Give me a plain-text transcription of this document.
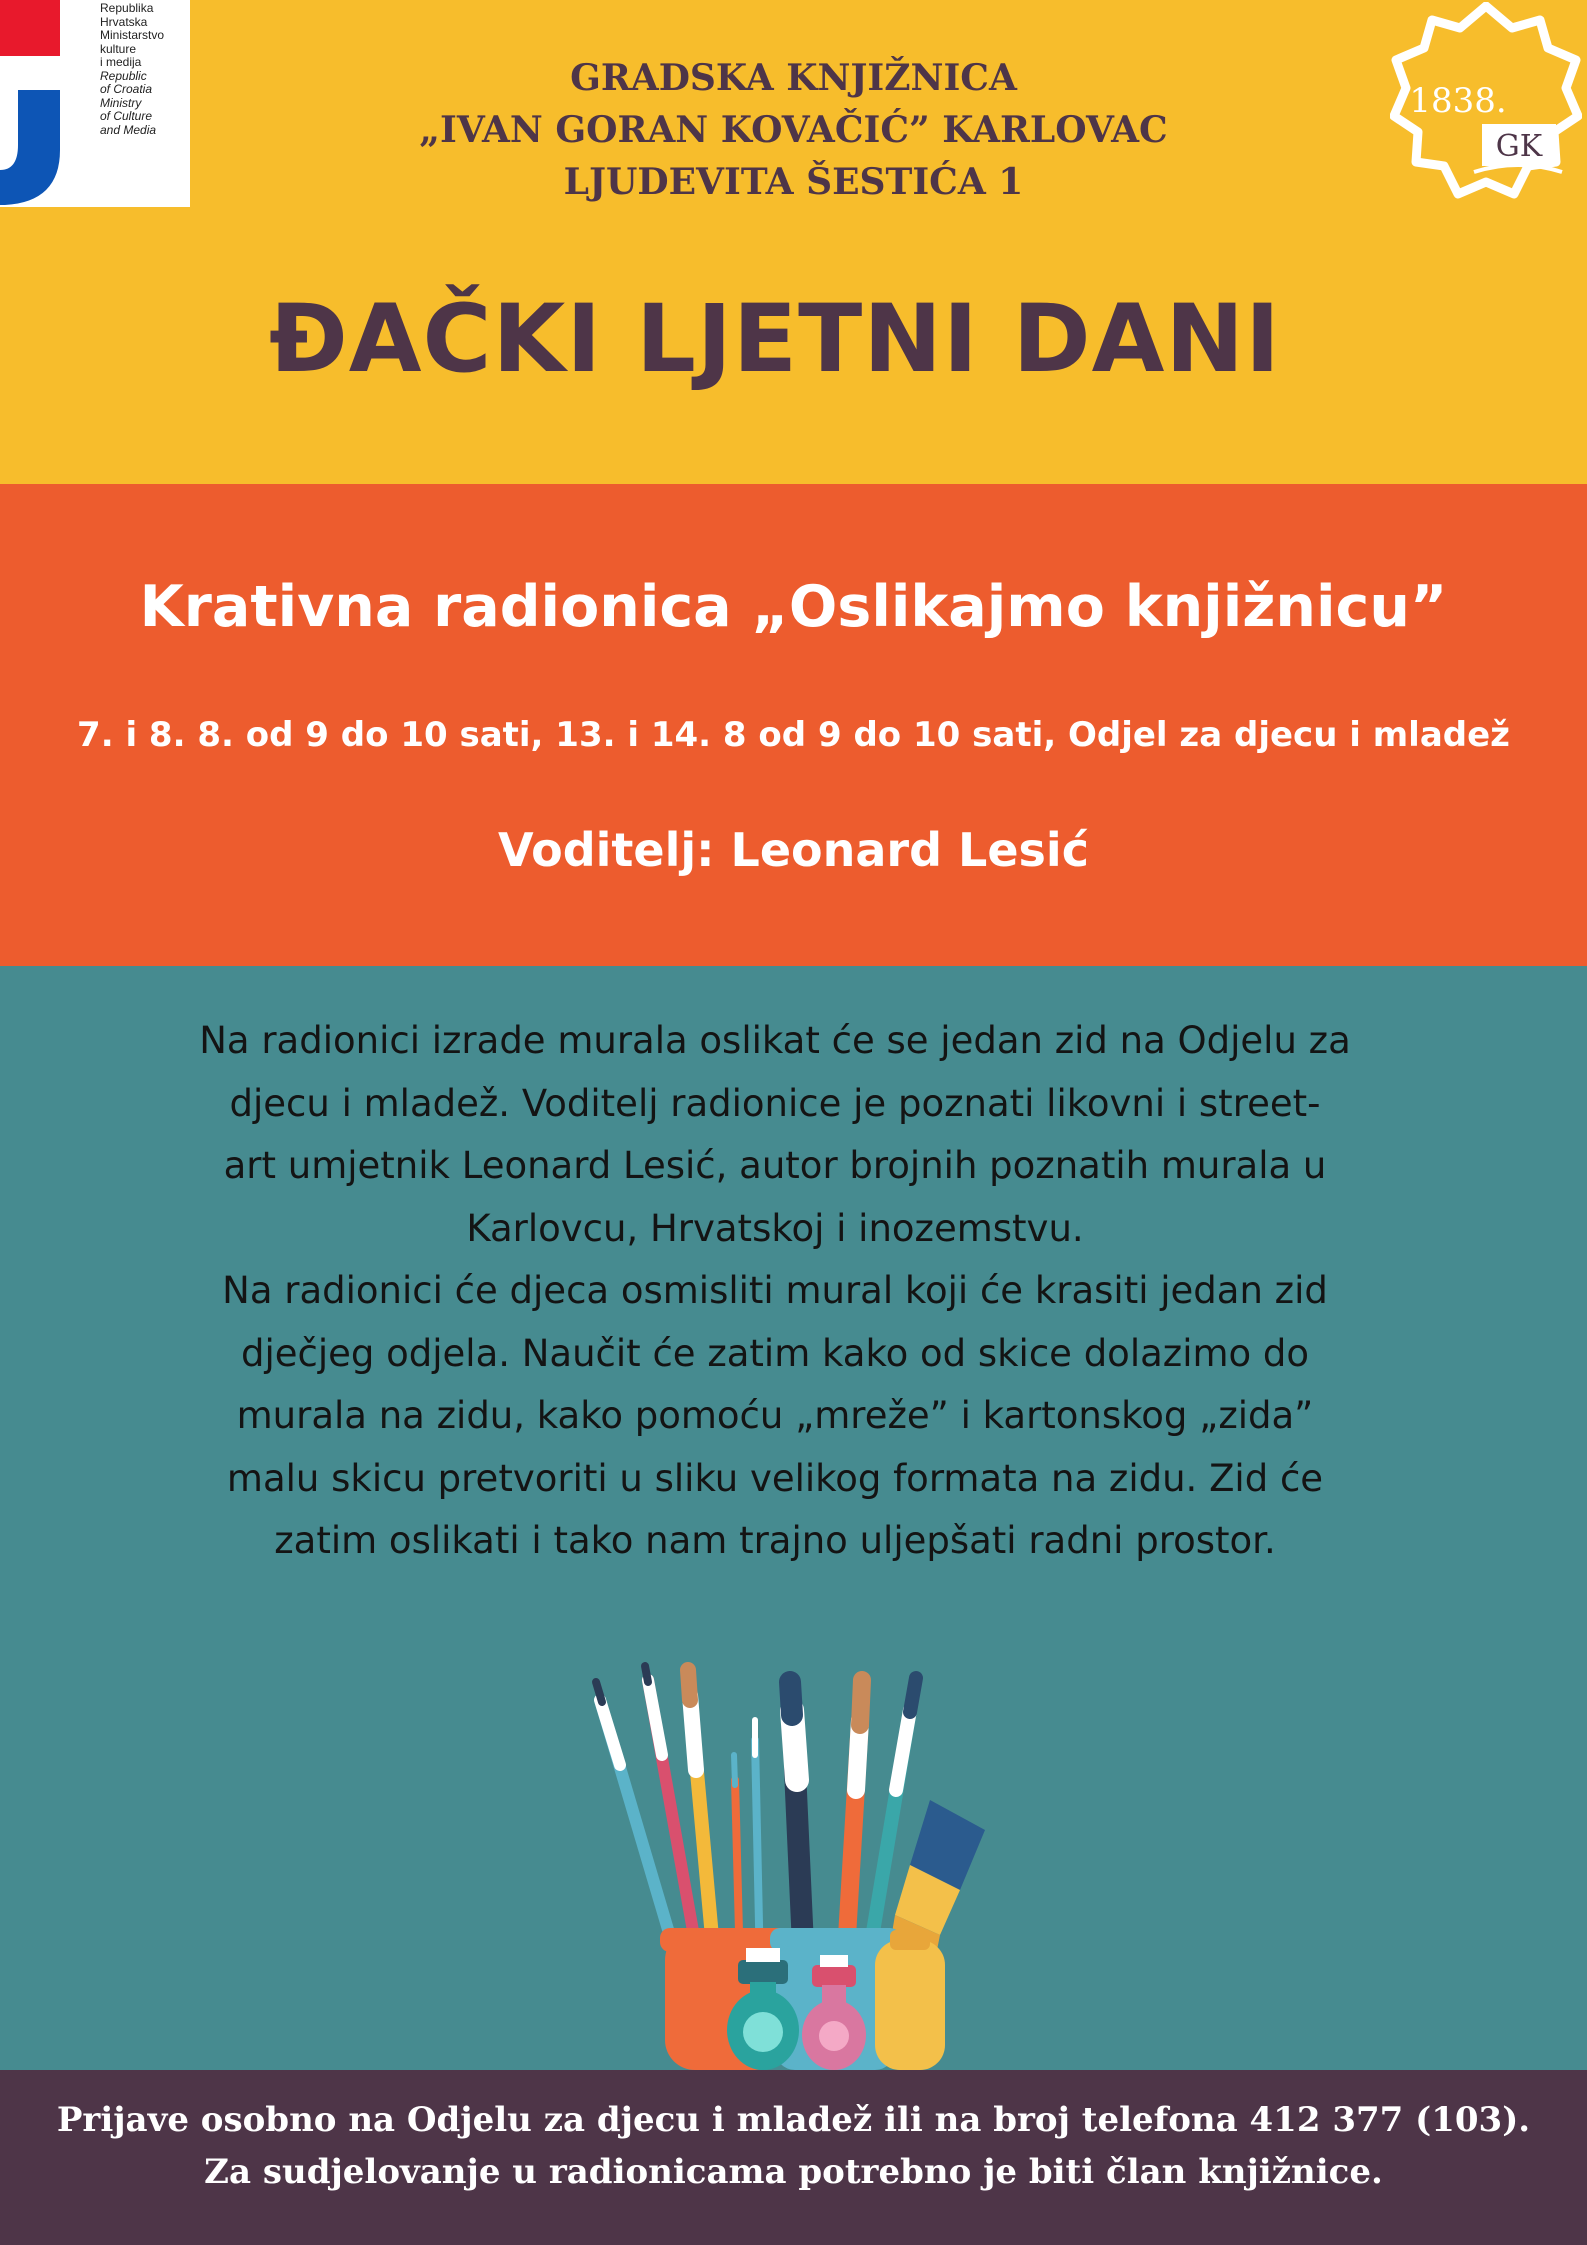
Republika
Hrvatska
Ministarstvo
kulture
i medija
Republic
of Croatia
Ministry
of Culture
and Media
1838.
GK
GRADSKA KNJIŽNICA
„IVAN GORAN KOVAČIĆ” KARLOVAC
LJUDEVITA ŠESTIĆA 1
ĐAČKI LJETNI DANI
Krativna radionica „Oslikajmo knjižnicu”
7. i 8. 8. od 9 do 10 sati, 13. i 14. 8 od 9 do 10 sati, Odjel za djecu i mladež
Voditelj: Leonard Lesić
Na radionici izrade murala oslikat će se jedan zid na Odjelu za
djecu i mladež. Voditelj radionice je poznati likovni i street-
art umjetnik Leonard Lesić, autor brojnih poznatih murala u
Karlovcu, Hrvatskoj i inozemstvu.
Na radionici će djeca osmisliti mural koji će krasiti jedan zid
dječjeg odjela. Naučit će zatim kako od skice dolazimo do
murala na zidu, kako pomoću „mreže” i kartonskog „zida”
malu skicu pretvoriti u sliku velikog formata na zidu. Zid će
zatim oslikati i tako nam trajno uljepšati radni prostor.
Prijave osobno na Odjelu za djecu i mladež ili na broj telefona 412 377 (103).
Za sudjelovanje u radionicama potrebno je biti član knjižnice.
